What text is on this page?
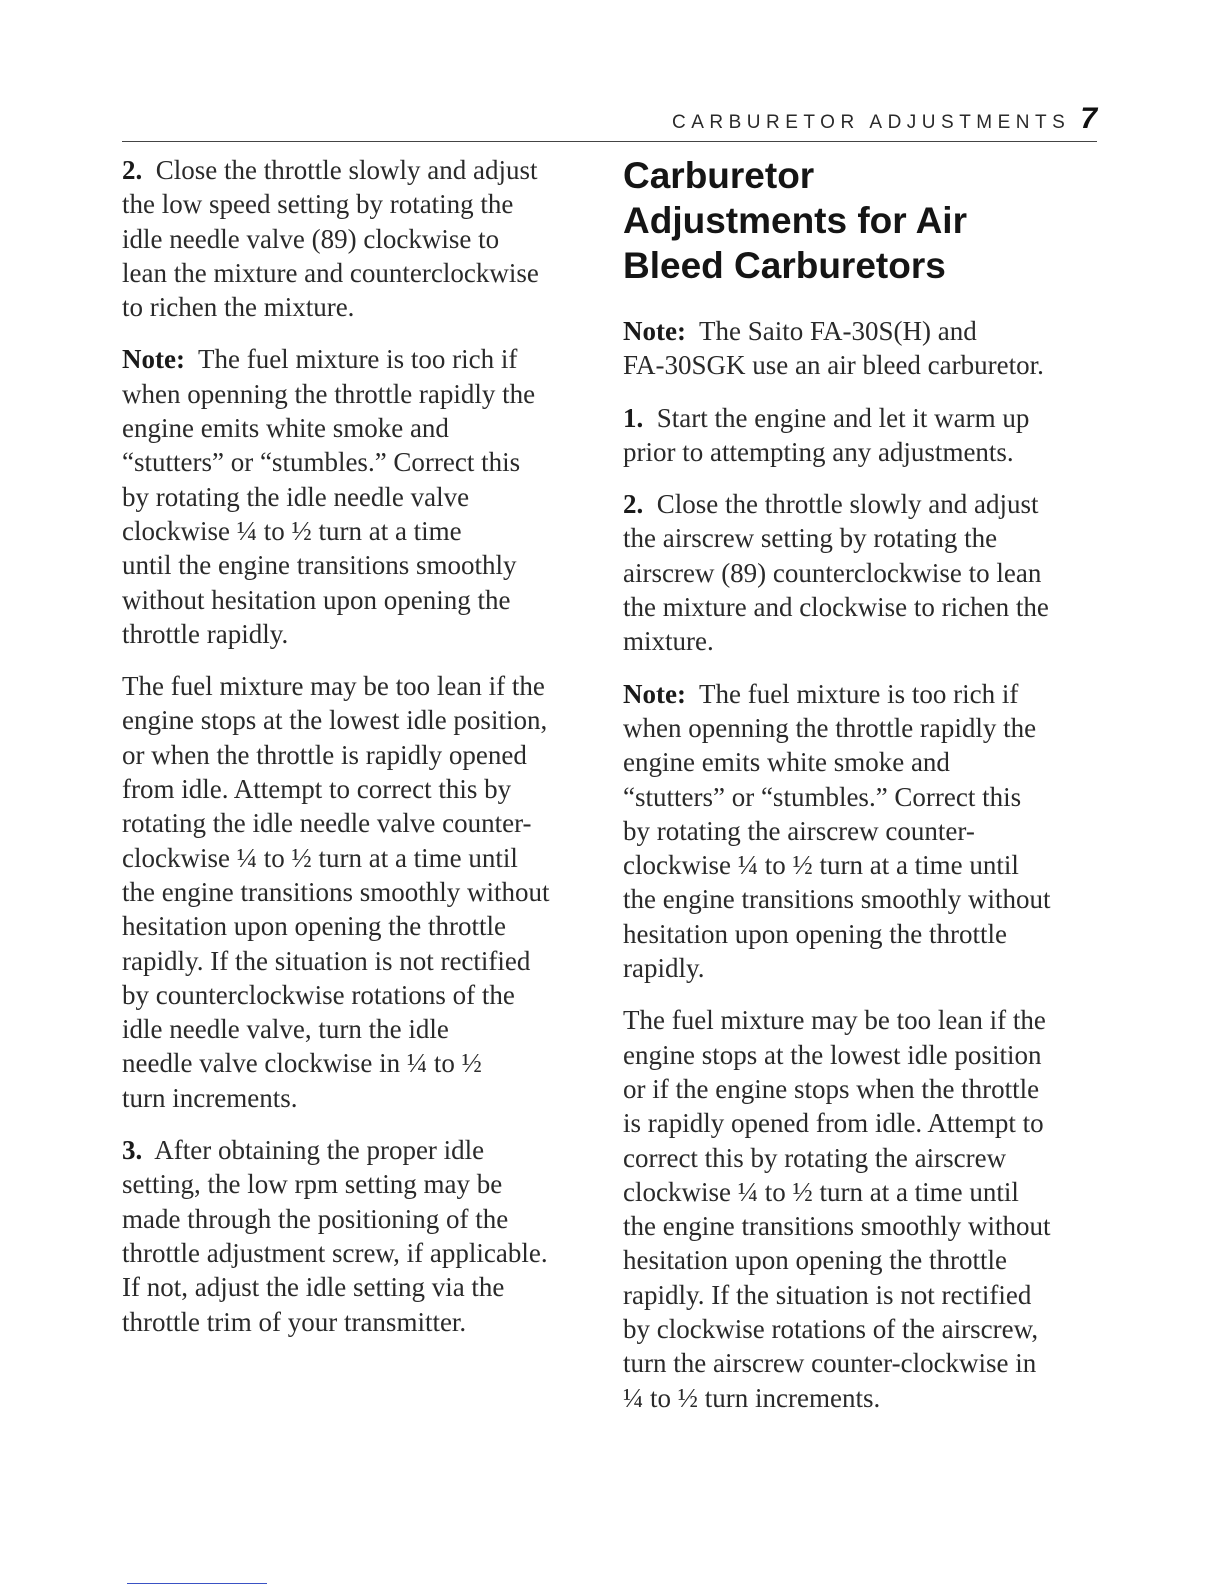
CARBURETOR ADJUSTMENTS 7
2. Close the throttle slowly and adjust
the low speed setting by rotating the
idle needle valve (89) clockwise to
lean the mixture and counterclockwise
to richen the mixture.
Note: The fuel mixture is too rich if
when openning the throttle rapidly the
engine emits white smoke and
“stutters” or “stumbles.” Correct this
by rotating the idle needle valve
clockwise ¼ to ½ turn at a time
until the engine transitions smoothly
without hesitation upon opening the
throttle rapidly.
The fuel mixture may be too lean if the
engine stops at the lowest idle position,
or when the throttle is rapidly opened
from idle. Attempt to correct this by
rotating the idle needle valve counter-
clockwise ¼ to ½ turn at a time until
the engine transitions smoothly without
hesitation upon opening the throttle
rapidly. If the situation is not rectified
by counterclockwise rotations of the
idle needle valve, turn the idle
needle valve clockwise in ¼ to ½
turn increments.
3. After obtaining the proper idle
setting, the low rpm setting may be
made through the positioning of the
throttle adjustment screw, if applicable.
If not, adjust the idle setting via the
throttle trim of your transmitter.
Carburetor
Adjustments for Air
Bleed Carburetors
Note: The Saito FA-30S(H) and
FA-30SGK use an air bleed carburetor.
1. Start the engine and let it warm up
prior to attempting any adjustments.
2. Close the throttle slowly and adjust
the airscrew setting by rotating the
airscrew (89) counterclockwise to lean
the mixture and clockwise to richen the
mixture.
Note: The fuel mixture is too rich if
when openning the throttle rapidly the
engine emits white smoke and
“stutters” or “stumbles.” Correct this
by rotating the airscrew counter-
clockwise ¼ to ½ turn at a time until
the engine transitions smoothly without
hesitation upon opening the throttle
rapidly.
The fuel mixture may be too lean if the
engine stops at the lowest idle position
or if the engine stops when the throttle
is rapidly opened from idle. Attempt to
correct this by rotating the airscrew
clockwise ¼ to ½ turn at a time until
the engine transitions smoothly without
hesitation upon opening the throttle
rapidly. If the situation is not rectified
by clockwise rotations of the airscrew,
turn the airscrew counter-clockwise in
¼ to ½ turn increments.
